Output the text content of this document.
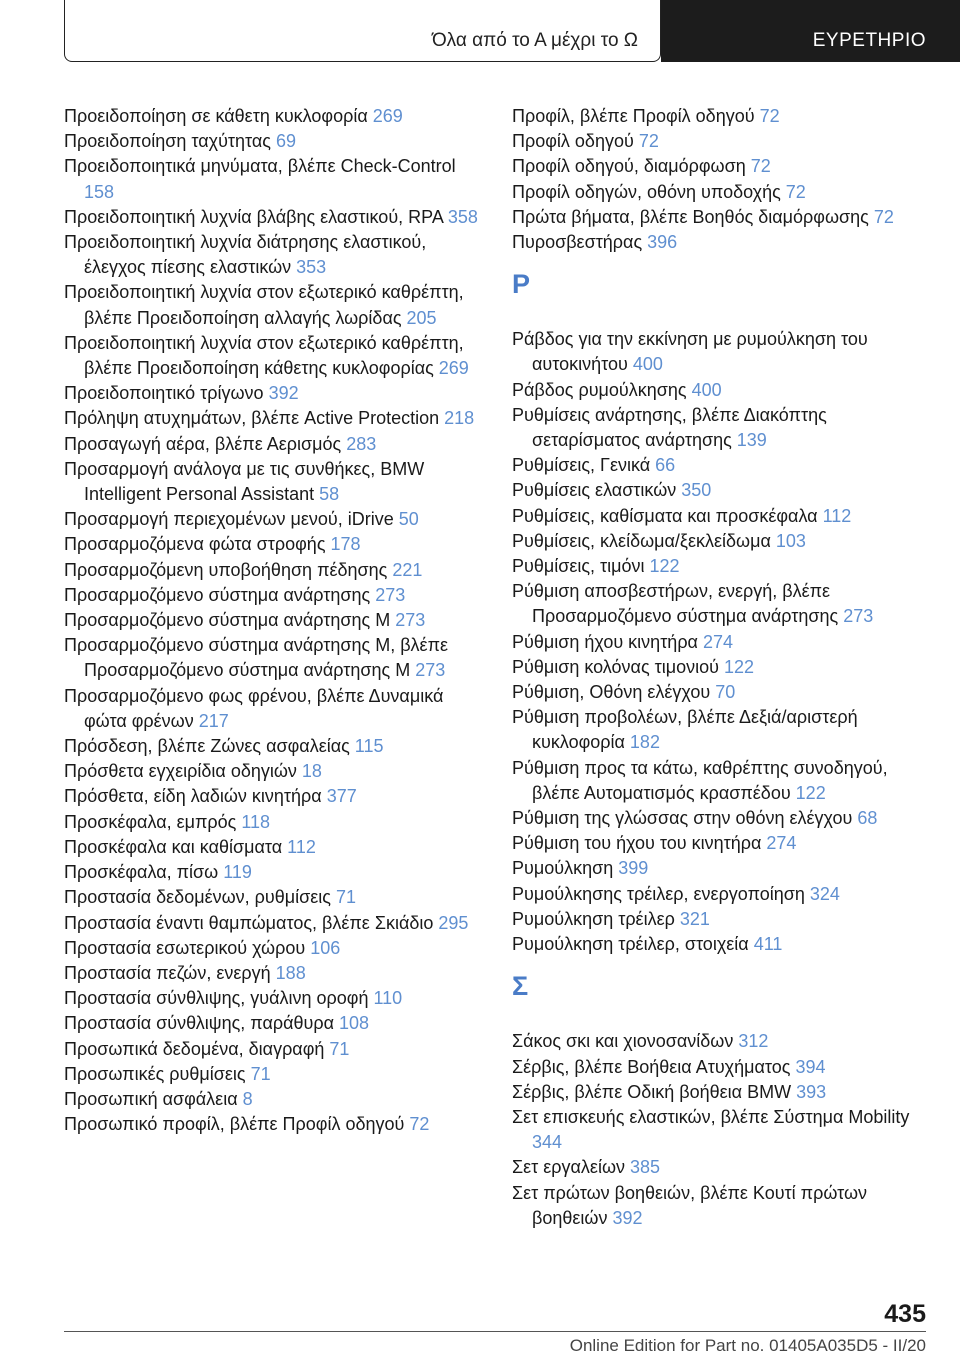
Όλα από το Α μέχρι το Ω	ΕΥΡΕΤΗΡΙΟ
Προειδοποίηση σε κάθετη κυκλοφορία 269
Προειδοποίηση ταχύτητας 69
Προειδοποιητικά μηνύματα, βλέπε Check-Control 158
Προειδοποιητική λυχνία βλάβης ελαστικού, RPA 358
Προειδοποιητική λυχνία διάτρησης ελαστικού, έλεγχος πίεσης ελαστικών 353
Προειδοποιητική λυχνία στον εξωτερικό καθρέπτη, βλέπε Προειδοποίηση αλλαγής λωρίδας 205
Προειδοποιητική λυχνία στον εξωτερικό καθρέπτη, βλέπε Προειδοποίηση κάθετης κυκλοφορίας 269
Προειδοποιητικό τρίγωνο 392
Πρόληψη ατυχημάτων, βλέπε Active Protection 218
Προσαγωγή αέρα, βλέπε Αερισμός 283
Προσαρμογή ανάλογα με τις συνθήκες, BMW Intelligent Personal Assistant 58
Προσαρμογή περιεχομένων μενού, iDrive 50
Προσαρμοζόμενα φώτα στροφής 178
Προσαρμοζόμενη υποβοήθηση πέδησης 221
Προσαρμοζόμενο σύστημα ανάρτησης 273
Προσαρμοζόμενο σύστημα ανάρτησης M 273
Προσαρμοζόμενο σύστημα ανάρτησης M, βλέπε Προσαρμοζόμενο σύστημα ανάρτησης M 273
Προσαρμοζόμενο φως φρένου, βλέπε Δυναμικά φώτα φρένων 217
Πρόσδεση, βλέπε Ζώνες ασφαλείας 115
Πρόσθετα εγχειρίδια οδηγιών 18
Πρόσθετα, είδη λαδιών κινητήρα 377
Προσκέφαλα, εμπρός 118
Προσκέφαλα και καθίσματα 112
Προσκέφαλα, πίσω 119
Προστασία δεδομένων, ρυθμίσεις 71
Προστασία έναντι θαμπώματος, βλέπε Σκιάδιο 295
Προστασία εσωτερικού χώρου 106
Προστασία πεζών, ενεργή 188
Προστασία σύνθλιψης, γυάλινη οροφή 110
Προστασία σύνθλιψης, παράθυρα 108
Προσωπικά δεδομένα, διαγραφή 71
Προσωπικές ρυθμίσεις 71
Προσωπική ασφάλεια 8
Προσωπικό προφίλ, βλέπε Προφίλ οδηγού 72
Προφίλ, βλέπε Προφίλ οδηγού 72
Προφίλ οδηγού 72
Προφίλ οδηγού, διαμόρφωση 72
Προφίλ οδηγών, οθόνη υποδοχής 72
Πρώτα βήματα, βλέπε Βοηθός διαμόρφωσης 72
Πυροσβεστήρας 396
Ρ
Ράβδος για την εκκίνηση με ρυμούλκηση του αυτοκινήτου 400
Ράβδος ρυμούλκησης 400
Ρυθμίσεις ανάρτησης, βλέπε Διακόπτης σεταρίσματος ανάρτησης 139
Ρυθμίσεις, Γενικά 66
Ρυθμίσεις ελαστικών 350
Ρυθμίσεις, καθίσματα και προσκέφαλα 112
Ρυθμίσεις, κλείδωμα/ξεκλείδωμα 103
Ρυθμίσεις, τιμόνι 122
Ρύθμιση αποσβεστήρων, ενεργή, βλέπε Προσαρμοζόμενο σύστημα ανάρτησης 273
Ρύθμιση ήχου κινητήρα 274
Ρύθμιση κολόνας τιμονιού 122
Ρύθμιση, Οθόνη ελέγχου 70
Ρύθμιση προβολέων, βλέπε Δεξιά/αριστερή κυκλοφορία 182
Ρύθμιση προς τα κάτω, καθρέπτης συνοδηγού, βλέπε Αυτοματισμός κρασπέδου 122
Ρύθμιση της γλώσσας στην οθόνη ελέγχου 68
Ρύθμιση του ήχου του κινητήρα 274
Ρυμούλκηση 399
Ρυμούλκησης τρέιλερ, ενεργοποίηση 324
Ρυμούλκηση τρέιλερ 321
Ρυμούλκηση τρέιλερ, στοιχεία 411
Σ
Σάκος σκι και χιονοσανίδων 312
Σέρβις, βλέπε Βοήθεια Ατυχήματος 394
Σέρβις, βλέπε Οδική βοήθεια BMW 393
Σετ επισκευής ελαστικών, βλέπε Σύστημα Mobility 344
Σετ εργαλείων 385
Σετ πρώτων βοηθειών, βλέπε Κουτί πρώτων βοηθειών 392
435
Online Edition for Part no. 01405A035D5 - II/20
